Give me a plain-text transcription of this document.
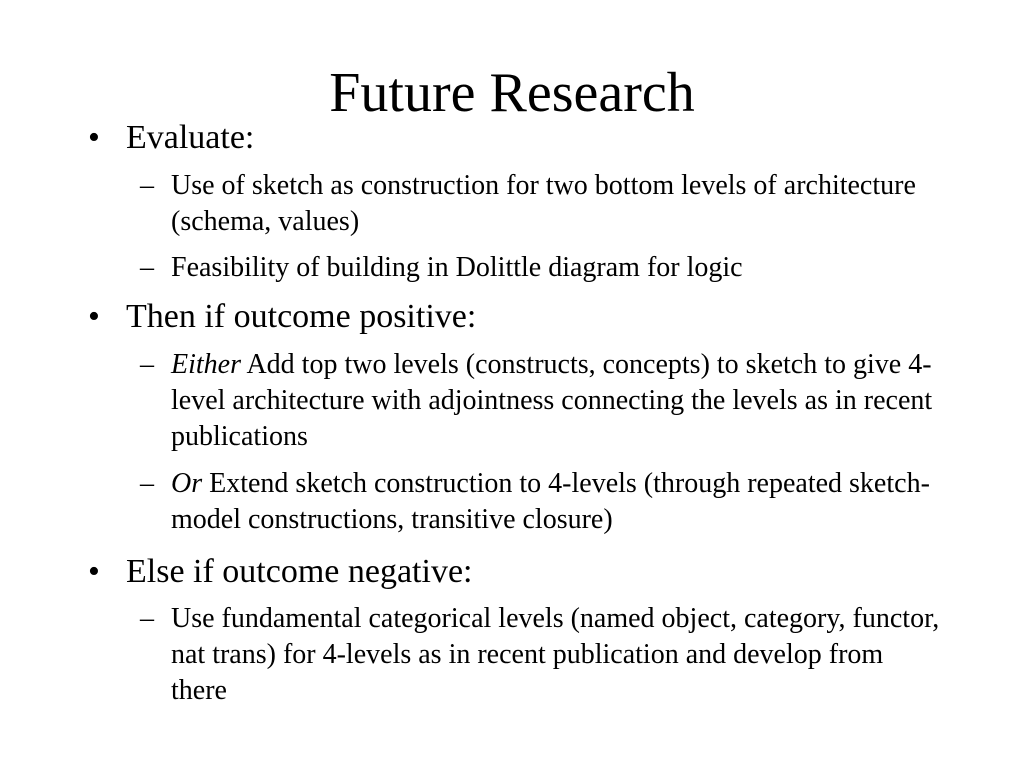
Future Research
• Evaluate:
– Use of sketch as construction for two bottom levels of architecture (schema, values)
– Feasibility of building in Dolittle diagram for logic
• Then if outcome positive:
– Either Add top two levels (constructs, concepts) to sketch to give 4-level architecture with adjointness connecting the levels as in recent publications
– Or Extend sketch construction to 4-levels (through repeated sketch-model constructions, transitive closure)
• Else if outcome negative:
– Use fundamental categorical levels (named object, category, functor, nat trans) for 4-levels as in recent publication and develop from there
